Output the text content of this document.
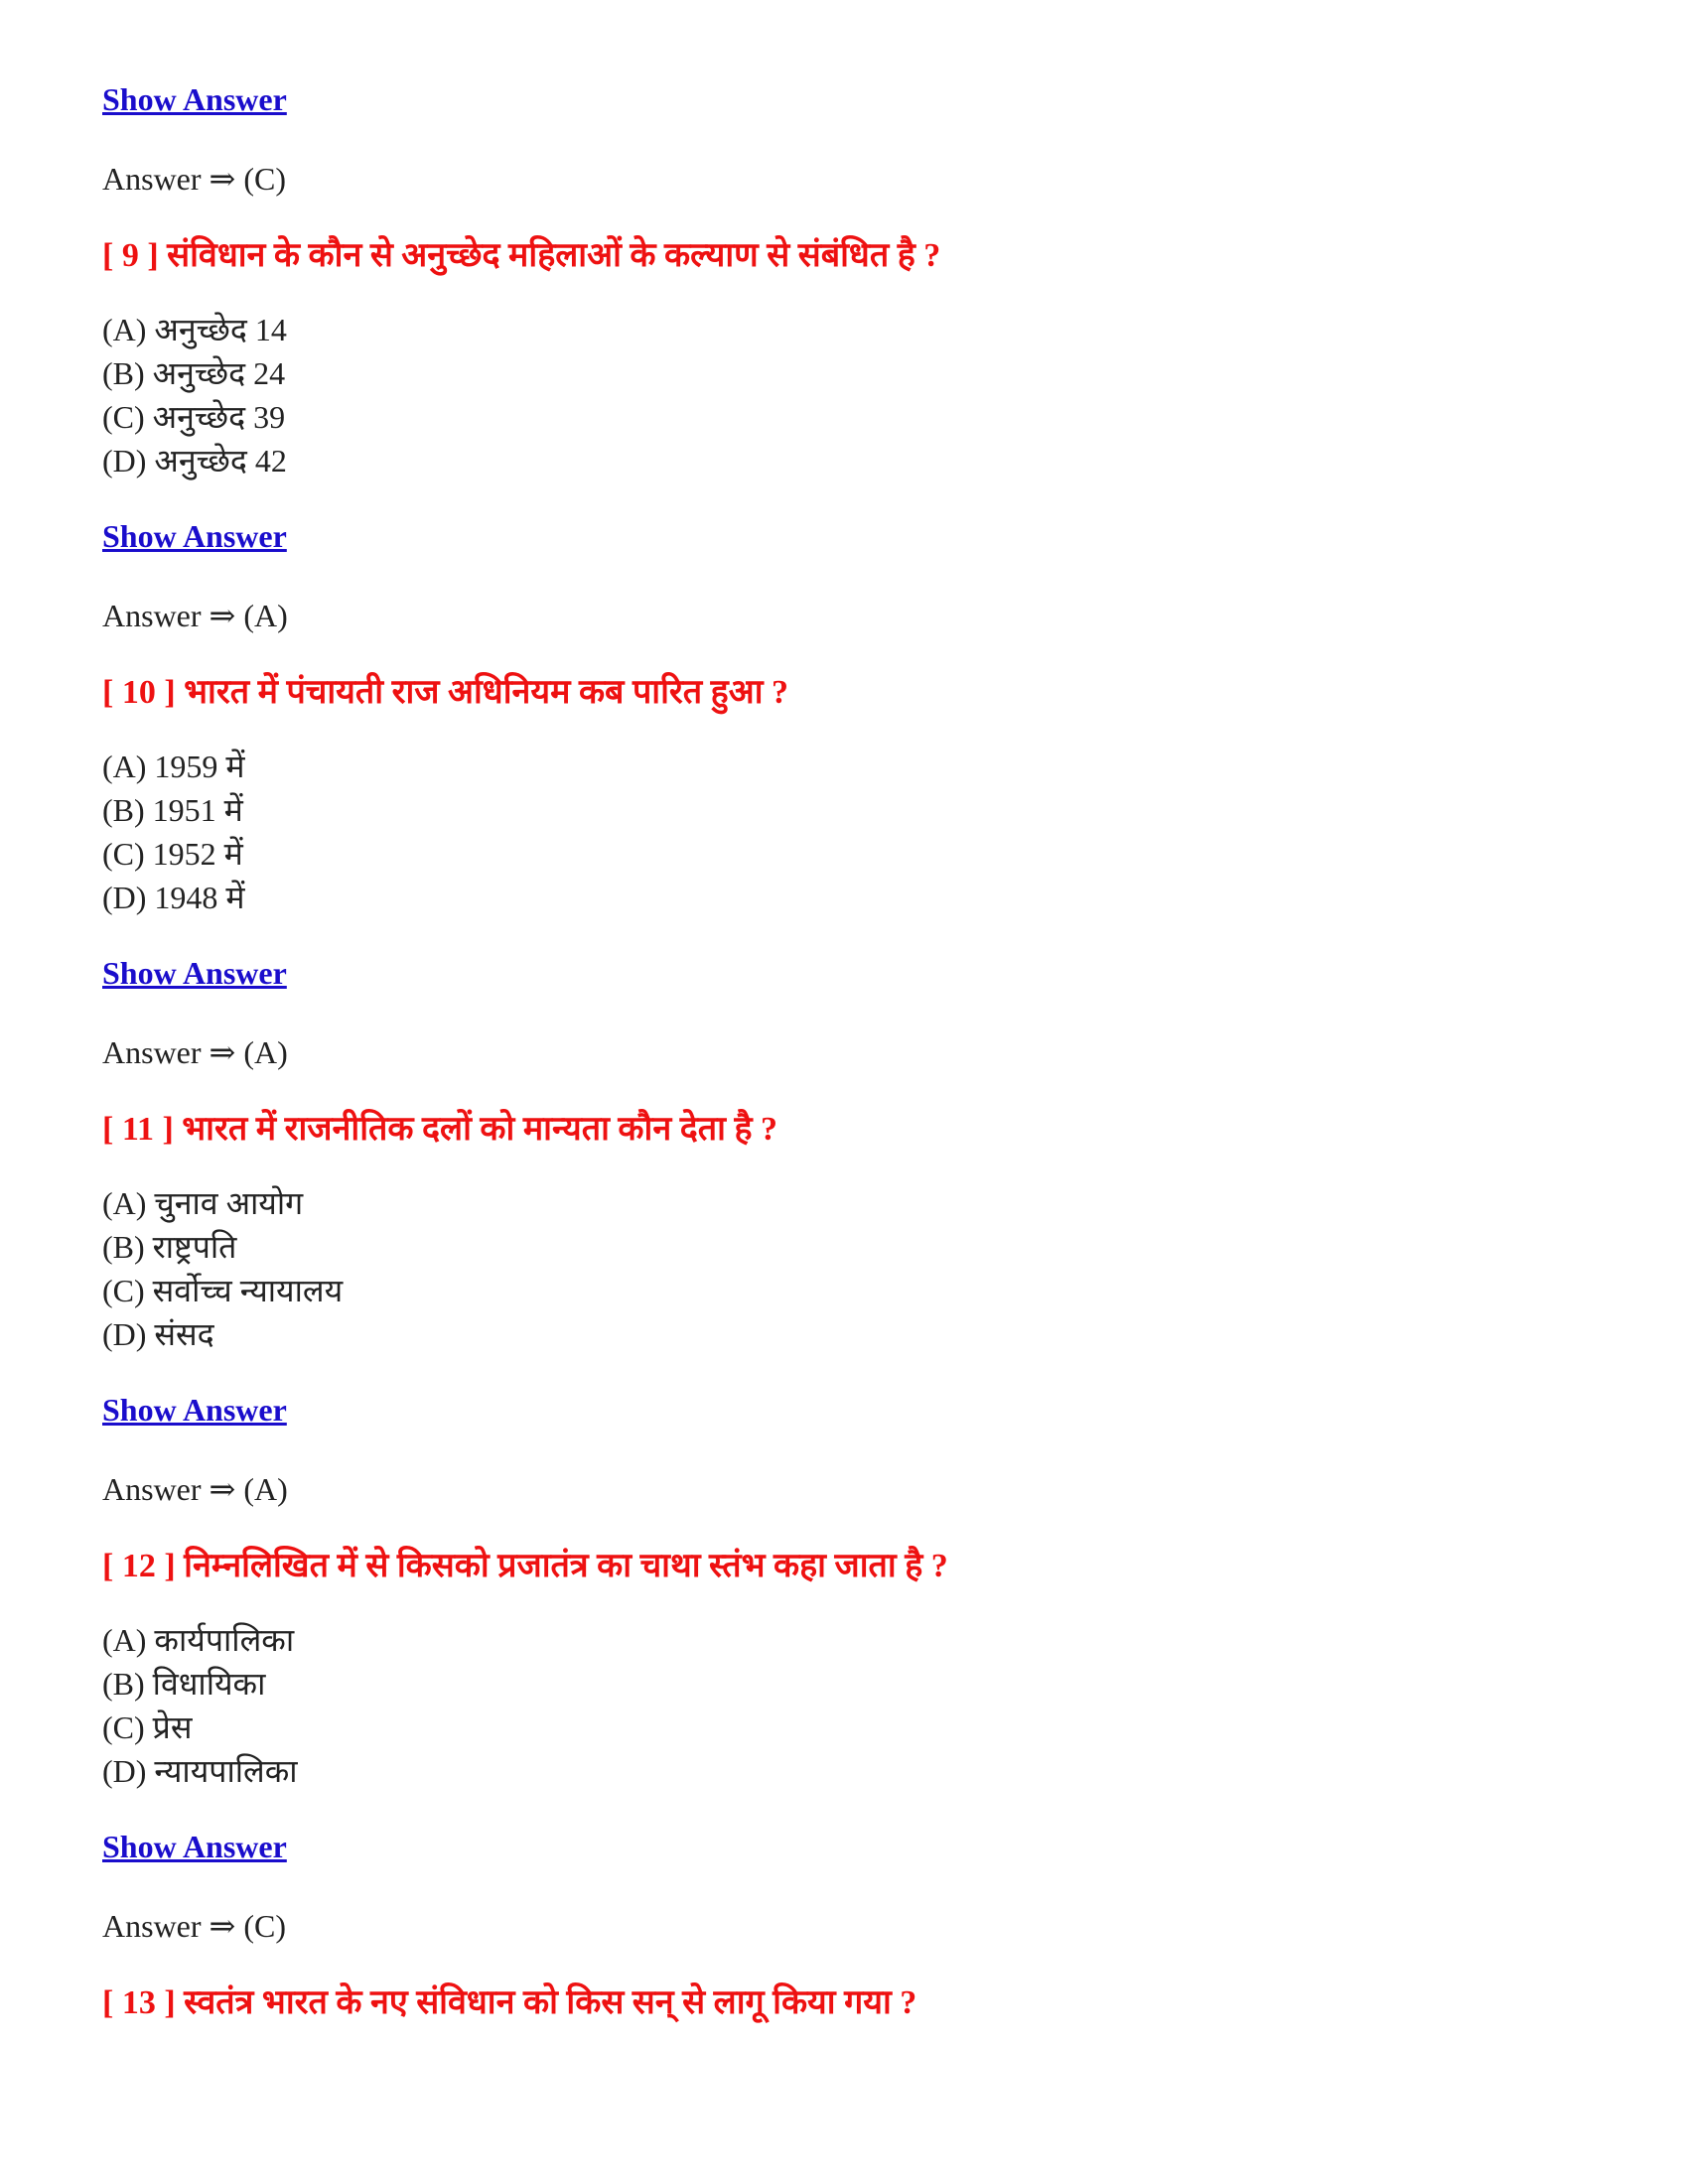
Show Answer
Answer ⇒ (C)
[ 9 ] संविधान के कौन से अनुच्छेद महिलाओं के कल्याण से संबंधित है ?
(A) अनुच्छेद 14
(B) अनुच्छेद 24
(C) अनुच्छेद 39
(D) अनुच्छेद 42
Show Answer
Answer ⇒ (A)
[ 10 ] भारत में पंचायती राज अधिनियम कब पारित हुआ ?
(A) 1959 में
(B) 1951 में
(C) 1952 में
(D) 1948 में
Show Answer
Answer ⇒ (A)
[ 11 ] भारत में राजनीतिक दलों को मान्यता कौन देता है ?
(A) चुनाव आयोग
(B) राष्ट्रपति
(C) सर्वोच्च न्यायालय
(D) संसद
Show Answer
Answer ⇒ (A)
[ 12 ] निम्नलिखित में से किसको प्रजातंत्र का चाथा स्तंभ कहा जाता है ?
(A) कार्यपालिका
(B) विधायिका
(C) प्रेस
(D) न्यायपालिका
Show Answer
Answer ⇒ (C)
[ 13 ] स्वतंत्र भारत के नए संविधान को किस सन् से लागू किया गया ?
